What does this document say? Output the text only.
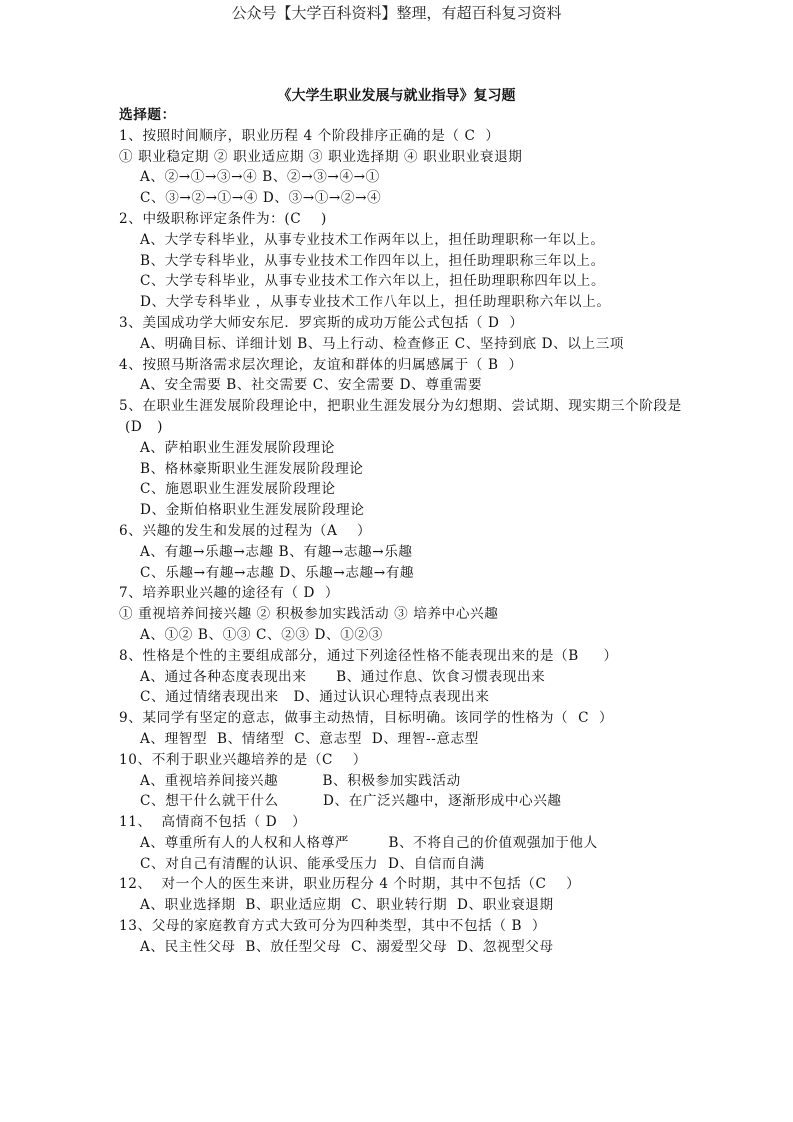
公众号【大学百科资料】整理，有超百科复习资料
《大学生职业发展与就业指导》复习题
选择题：
1、按照时间顺序，职业历程 4 个阶段排序正确的是（ C  ）
① 职业稳定期 ② 职业适应期 ③ 职业选择期 ④ 职业职业衰退期
A、②→①→③→④ B、②→③→④→①
C、③→②→①→④ D、③→①→②→④
2、中级职称评定条件为：(C    )
A、大学专科毕业，从事专业技术工作两年以上，担任助理职称一年以上。
B、大学专科毕业，从事专业技术工作四年以上，担任助理职称三年以上。
C、大学专科毕业，从事专业技术工作六年以上，担任助理职称四年以上。
D、大学专科毕业 ，从事专业技术工作八年以上，担任助理职称六年以上。
3、美国成功学大师安东尼．罗宾斯的成功万能公式包括（ D  ）
A、明确目标、详细计划 B、马上行动、检查修正 C、坚持到底 D、以上三项
4、按照马斯洛需求层次理论，友谊和群体的归属感属于（ B  ）
A、安全需要 B、社交需要 C、安全需要 D、尊重需要
5、在职业生涯发展阶段理论中，把职业生涯发展分为幻想期、尝试期、现实期三个阶段是
(D   )
A、萨柏职业生涯发展阶段理论
B、格林豪斯职业生涯发展阶段理论
C、施恩职业生涯发展阶段理论
D、金斯伯格职业生涯发展阶段理论
6、兴趣的发生和发展的过程为（A    ）
A、有趣→乐趣→志趣 B、有趣→志趣→乐趣
C、乐趣→有趣→志趣 D、乐趣→志趣→有趣
7、培养职业兴趣的途径有（ D  ）
① 重视培养间接兴趣 ② 积极参加实践活动 ③ 培养中心兴趣
A、①② B、①③ C、②③ D、①②③
8、性格是个性的主要组成部分，通过下列途径性格不能表现出来的是（B     ）
A、通过各种态度表现出来      B、通过作息、饮食习惯表现出来
C、通过情绪表现出来   D、通过认识心理特点表现出来
9、某同学有坚定的意志，做事主动热情，目标明确。该同学的性格为（  C  ）
A、理智型  B、情绪型  C、意志型  D、理智--意志型
10、不利于职业兴趣培养的是（C    ）
A、重视培养间接兴趣         B、积极参加实践活动
C、想干什么就干什么         D、在广泛兴趣中，逐渐形成中心兴趣
11、  高情商不包括（ D   ）
A、尊重所有人的人权和人格尊严        B、不将自己的价值观强加于他人
C、对自己有清醒的认识、能承受压力  D、自信而自满
12、  对一个人的医生来讲，职业历程分 4 个时期，其中不包括（C    ）
A、职业选择期  B、职业适应期  C、职业转行期  D、职业衰退期
13、父母的家庭教育方式大致可分为四种类型，其中不包括（ B  ）
A、民主性父母  B、放任型父母  C、溺爱型父母  D、忽视型父母
